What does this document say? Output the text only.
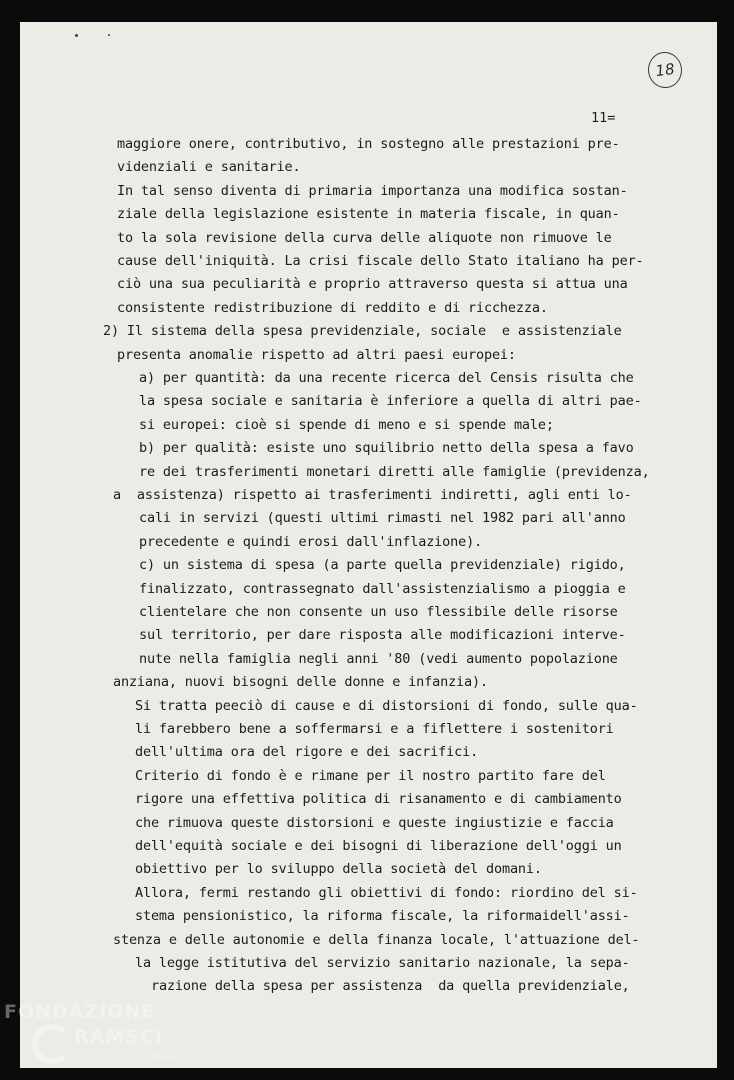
18
11=
maggiore onere, contributivo, in sostegno alle prestazioni pre-
videnziali e sanitarie.
In tal senso diventa di primaria importanza una modifica sostan-
ziale della legislazione esistente in materia fiscale, in quan-
to la sola revisione della curva delle aliquote non rimuove le
cause dell'iniquità. La crisi fiscale dello Stato italiano ha per-
ciò una sua peculiarità e proprio attraverso questa si attua una
consistente redistribuzione di reddito e di ricchezza.
2) Il sistema della spesa previdenziale, sociale  e assistenziale
presenta anomalie rispetto ad altri paesi europei:
a) per quantità: da una recente ricerca del Censis risulta che
la spesa sociale e sanitaria è inferiore a quella di altri pae-
si europei: cioè si spende di meno e si spende male;
b) per qualità: esiste uno squilibrio netto della spesa a favo
re dei trasferimenti monetari diretti alle famiglie (previdenza,
a  assistenza) rispetto ai trasferimenti indiretti, agli enti lo-
cali in servizi (questi ultimi rimasti nel 1982 pari all'anno
precedente e quindi erosi dall'inflazione).
c) un sistema di spesa (a parte quella previdenziale) rigido,
finalizzato, contrassegnato dall'assistenzialismo a pioggia e
clientelare che non consente un uso flessibile delle risorse
sul territorio, per dare risposta alle modificazioni interve-
nute nella famiglia negli anni '80 (vedi aumento popolazione
anziana, nuovi bisogni delle donne e infanzia).
Si tratta peeciò di cause e di distorsioni di fondo, sulle qua-
li farebbero bene a soffermarsi e a fiflettere i sostenitori
dell'ultima ora del rigore e dei sacrifici.
Criterio di fondo è e rimane per il nostro partito fare del
rigore una effettiva politica di risanamento e di cambiamento
che rimuova queste distorsioni e queste ingiustizie e faccia
dell'equità sociale e dei bisogni di liberazione dell'oggi un
obiettivo per lo sviluppo della società del domani.
Allora, fermi restando gli obiettivi di fondo: riordino del si-
stema pensionistico, la riforma fiscale, la riformaidell'assi-
stenza e delle autonomie e della finanza locale, l'attuazione del-
la legge istitutiva del servizio sanitario nazionale, la sepa-
razione della spesa per assistenza  da quella previdenziale,
FONDAZIONE
RAMSCI
onlus
